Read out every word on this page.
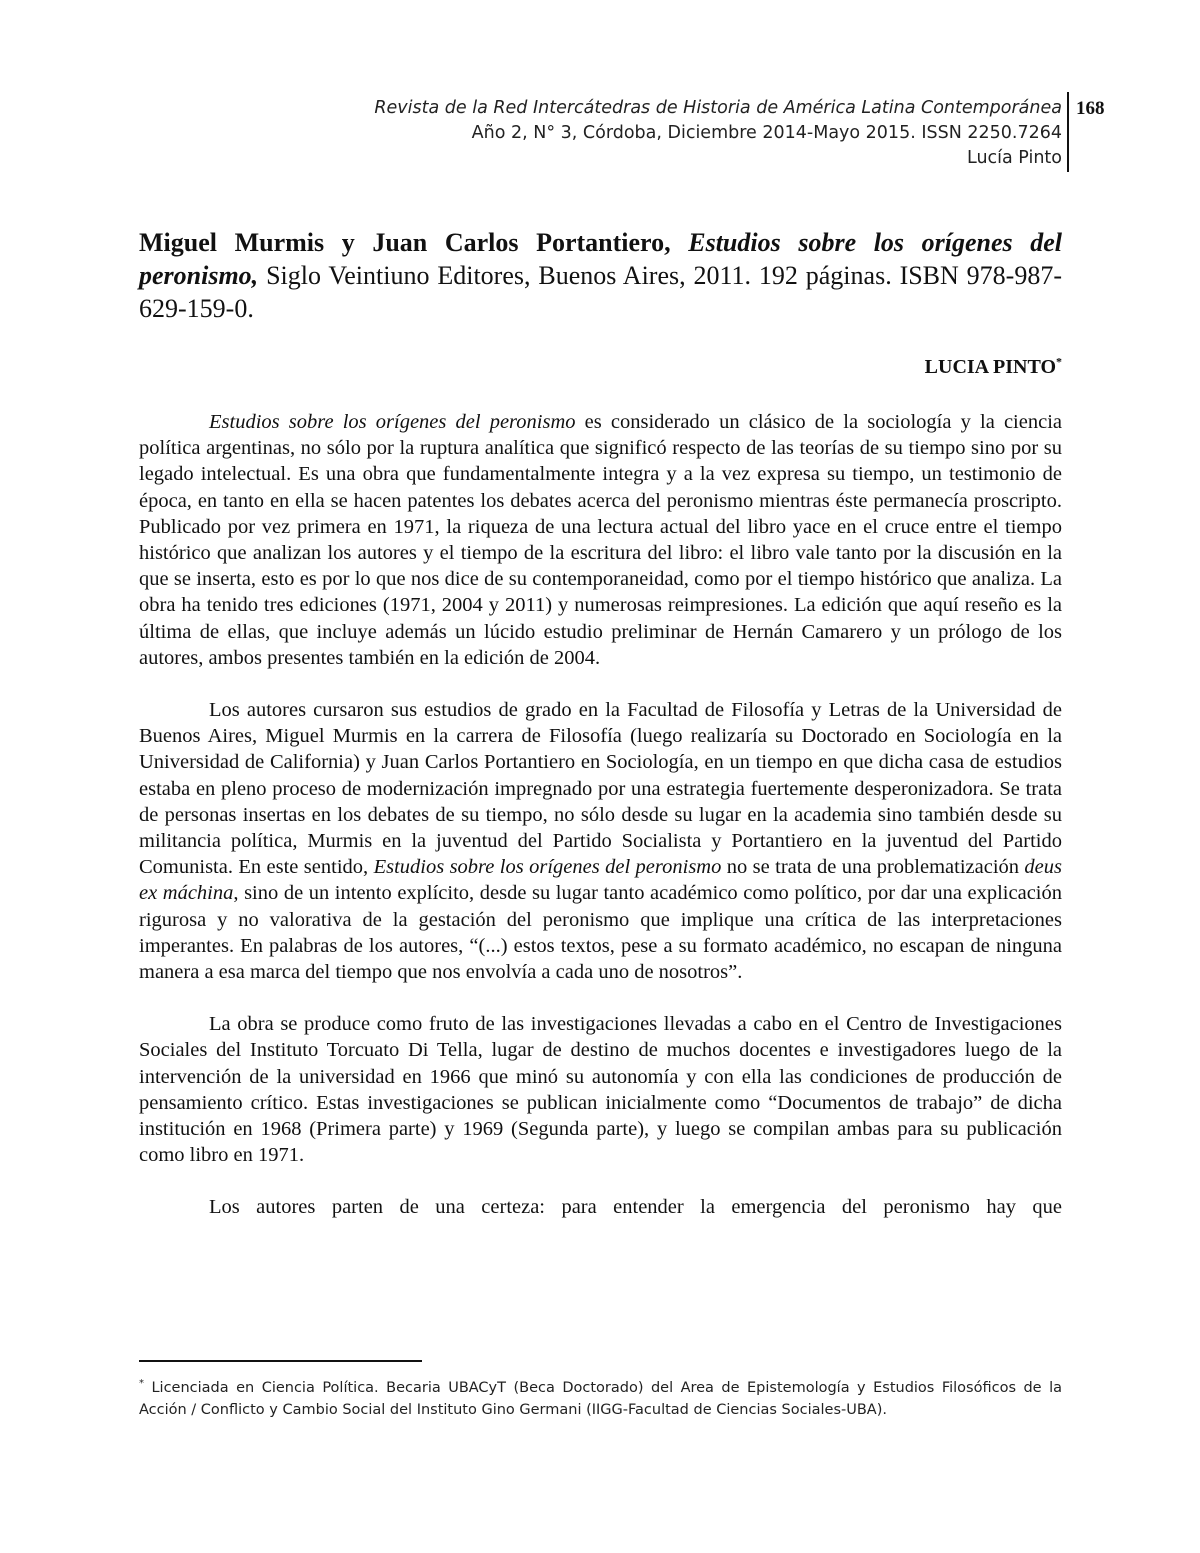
Revista de la Red Intercátedras de Historia de América Latina Contemporánea
Año 2, N° 3, Córdoba, Diciembre 2014-Mayo 2015. ISSN 2250.7264
Lucía Pinto
168
Miguel Murmis y Juan Carlos Portantiero, Estudios sobre los orígenes del peronismo, Siglo Veintiuno Editores, Buenos Aires, 2011. 192 páginas. ISBN 978-987-629-159-0.
LUCIA PINTO*

Estudios sobre los orígenes del peronismo es considerado un clásico de la sociología y la ciencia política argentinas, no sólo por la ruptura analítica que significó respecto de las teorías de su tiempo sino por su legado intelectual. Es una obra que fundamentalmente integra y a la vez expresa su tiempo, un testimonio de época, en tanto en ella se hacen patentes los debates acerca del peronismo mientras éste permanecía proscripto. Publicado por vez primera en 1971, la riqueza de una lectura actual del libro yace en el cruce entre el tiempo histórico que analizan los autores y el tiempo de la escritura del libro: el libro vale tanto por la discusión en la que se inserta, esto es por lo que nos dice de su contemporaneidad, como por el tiempo histórico que analiza. La obra ha tenido tres ediciones (1971, 2004 y 2011) y numerosas reimpresiones. La edición que aquí reseño es la última de ellas, que incluye además un lúcido estudio preliminar de Hernán Camarero y un prólogo de los autores, ambos presentes también en la edición de 2004.

Los autores cursaron sus estudios de grado en la Facultad de Filosofía y Letras de la Universidad de Buenos Aires, Miguel Murmis en la carrera de Filosofía (luego realizaría su Doctorado en Sociología en la Universidad de California) y Juan Carlos Portantiero en Sociología, en un tiempo en que dicha casa de estudios estaba en pleno proceso de modernización impregnado por una estrategia fuertemente desperonizadora. Se trata de personas insertas en los debates de su tiempo, no sólo desde su lugar en la academia sino también desde su militancia política, Murmis en la juventud del Partido Socialista y Portantiero en la juventud del Partido Comunista. En este sentido, Estudios sobre los orígenes del peronismo no se trata de una problematización deus ex máchina, sino de un intento explícito, desde su lugar tanto académico como político, por dar una explicación rigurosa y no valorativa de la gestación del peronismo que implique una crítica de las interpretaciones imperantes. En palabras de los autores, “(...) estos textos, pese a su formato académico, no escapan de ninguna manera a esa marca del tiempo que nos envolvía a cada uno de nosotros”.

La obra se produce como fruto de las investigaciones llevadas a cabo en el Centro de Investigaciones Sociales del Instituto Torcuato Di Tella, lugar de destino de muchos docentes e investigadores luego de la intervención de la universidad en 1966 que minó su autonomía y con ella las condiciones de producción de pensamiento crítico. Estas investigaciones se publican inicialmente como “Documentos de trabajo” de dicha institución en 1968 (Primera parte) y 1969 (Segunda parte), y luego se compilan ambas para su publicación como libro en 1971.

Los autores parten de una certeza: para entender la emergencia del peronismo hay que

* Licenciada en Ciencia Política. Becaria UBACyT (Beca Doctorado) del Area de Epistemología y Estudios Filosóficos de la Acción / Conflicto y Cambio Social del Instituto Gino Germani (IIGG-Facultad de Ciencias Sociales-UBA).
